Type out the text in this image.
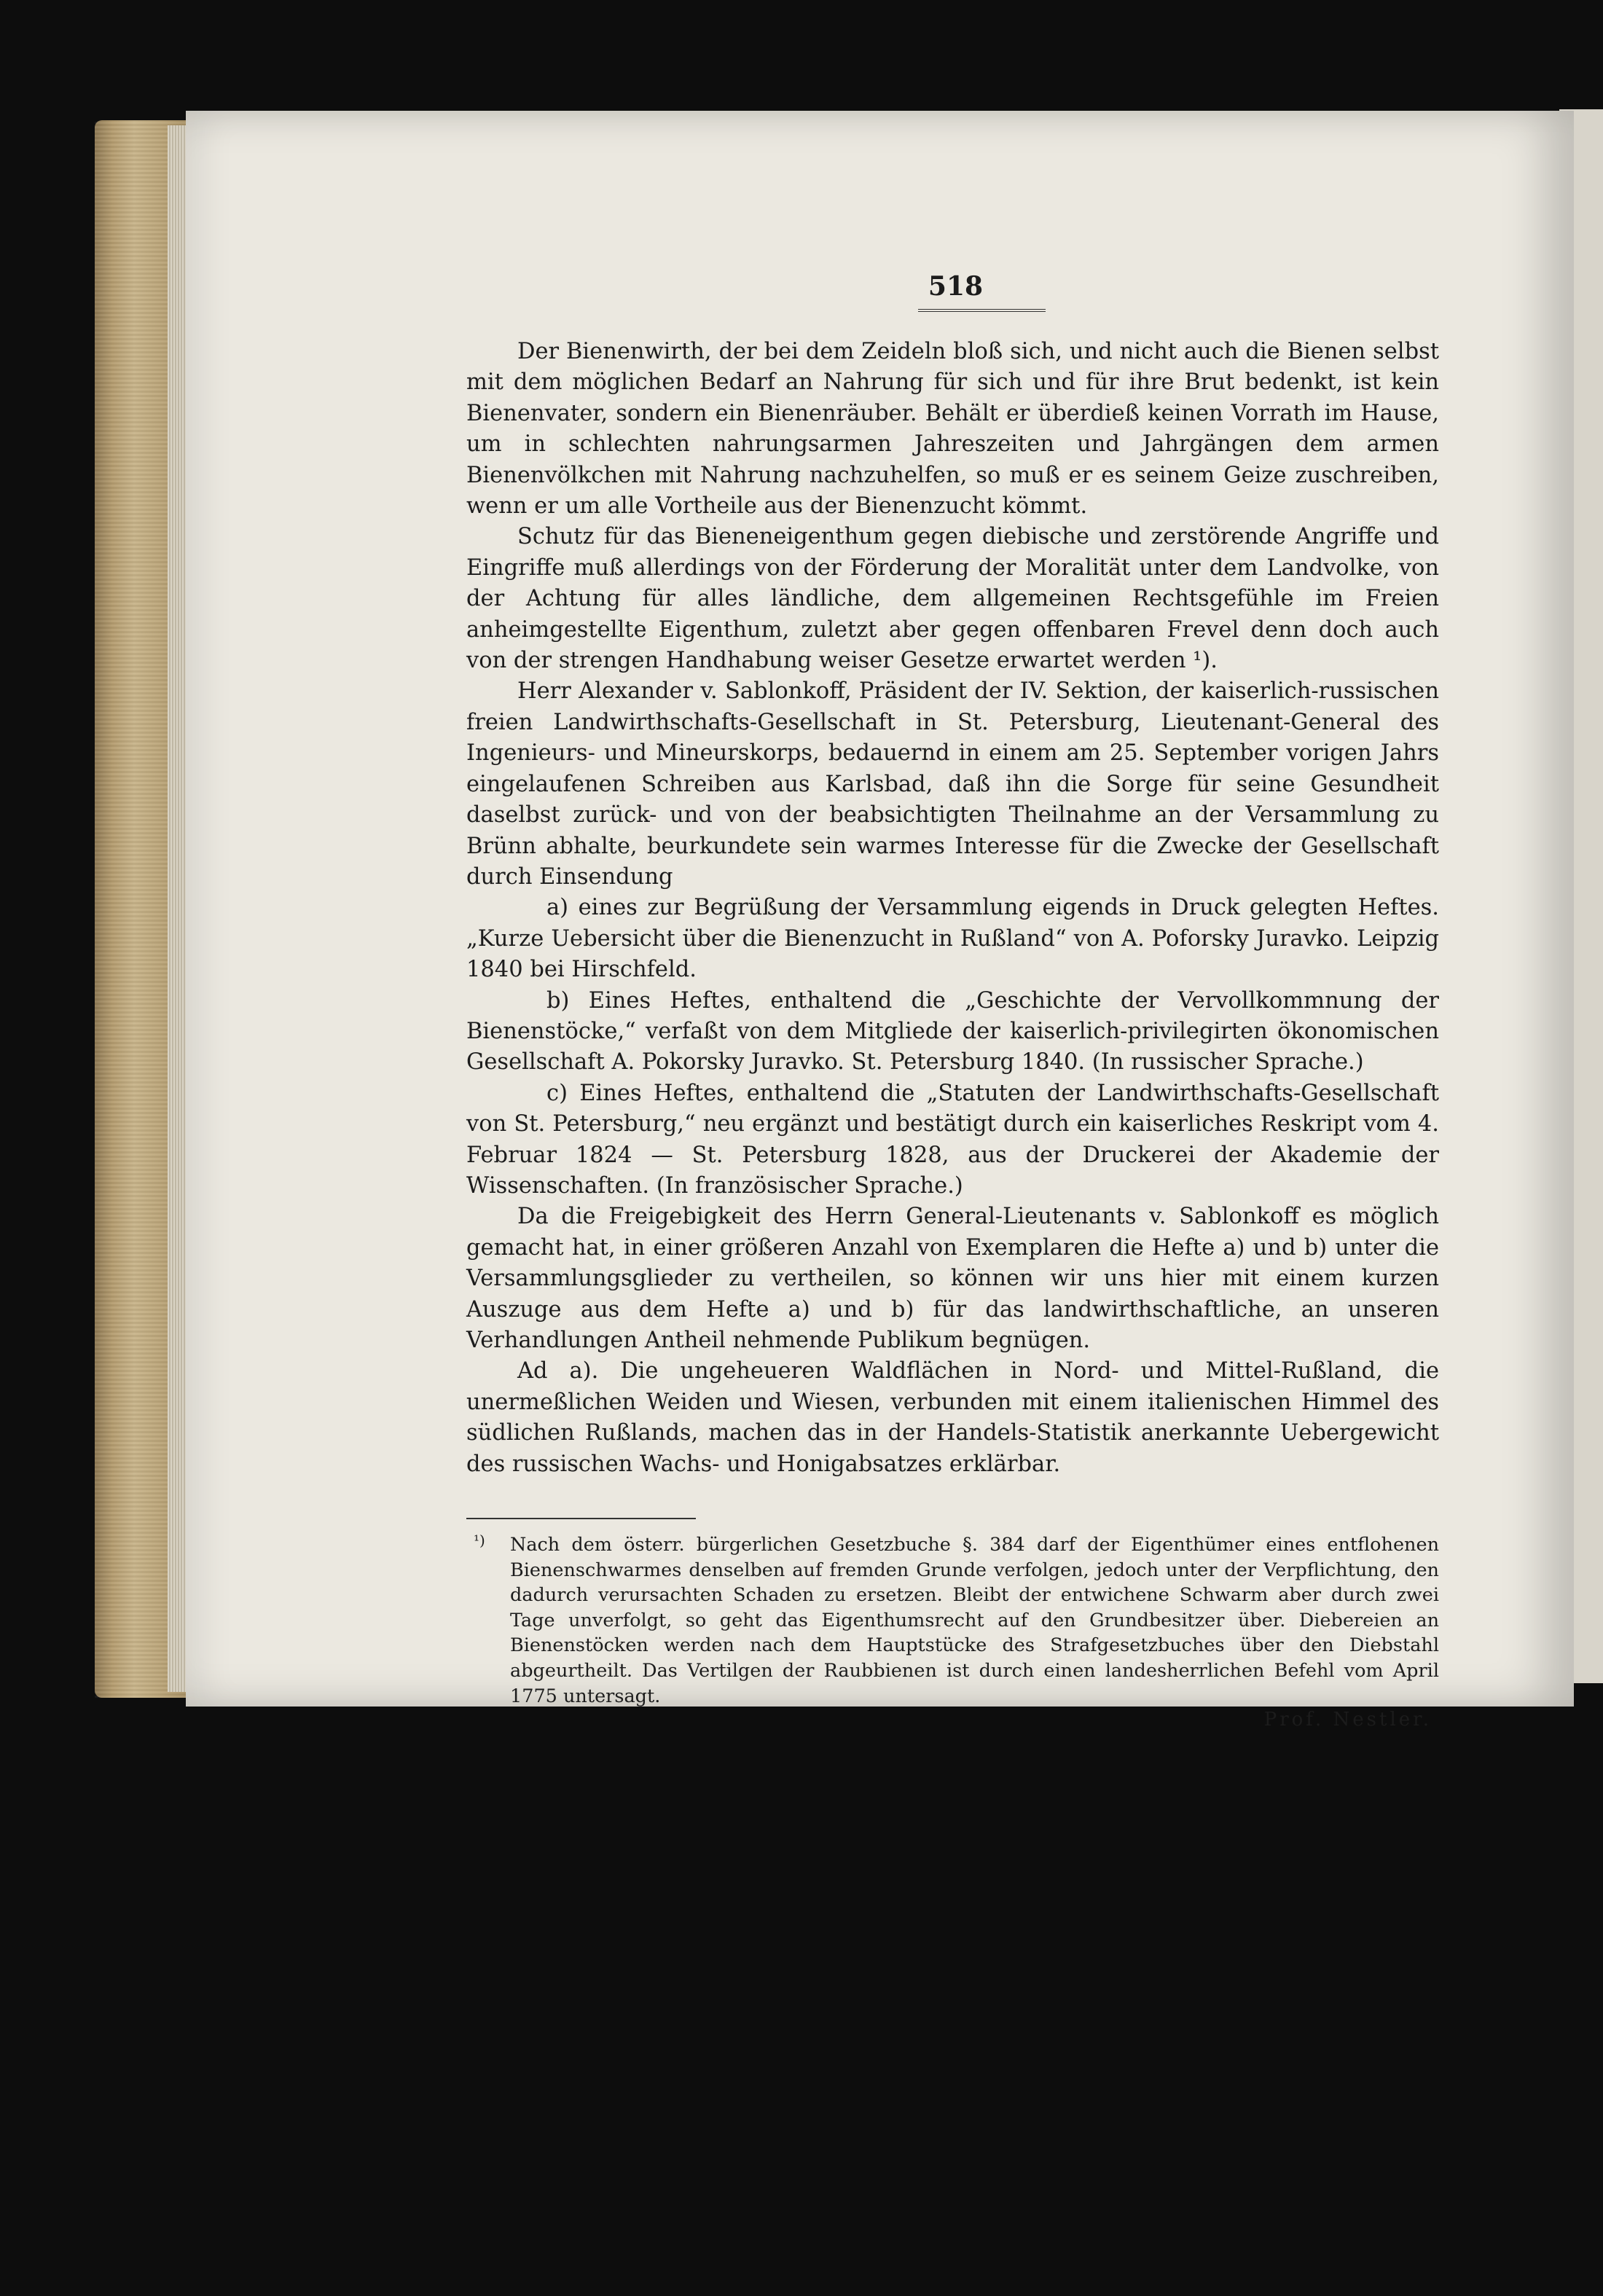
518

Der Bienenwirth, der bei dem Zeideln bloß sich, und nicht auch die Bienen selbst mit dem möglichen Bedarf an Nahrung für sich und für ihre Brut bedenkt, ist kein Bienenvater, sondern ein Bienenräuber. Behält er überdieß keinen Vorrath im Hause, um in schlechten nahrungsarmen Jahreszeiten und Jahrgängen dem armen Bienenvölkchen mit Nahrung nachzuhelfen, so muß er es seinem Geize zuschreiben, wenn er um alle Vortheile aus der Bienenzucht kömmt.

Schutz für das Bieneneigenthum gegen diebische und zerstörende Angriffe und Eingriffe muß allerdings von der Förderung der Moralität unter dem Landvolke, von der Achtung für alles ländliche, dem allgemeinen Rechtsgefühle im Freien anheimgestellte Eigenthum, zuletzt aber gegen offenbaren Frevel denn doch auch von der strengen Handhabung weiser Gesetze erwartet werden ¹).

Herr Alexander v. Sablonkoff, Präsident der IV. Sektion, der kaiserlich-russischen freien Landwirthschafts-Gesellschaft in St. Petersburg, Lieutenant-General des Ingenieurs- und Mineurskorps, bedauernd in einem am 25. September vorigen Jahrs eingelaufenen Schreiben aus Karlsbad, daß ihn die Sorge für seine Gesundheit daselbst zurück- und von der beabsichtigten Theilnahme an der Versammlung zu Brünn abhalte, beurkundete sein warmes Interesse für die Zwecke der Gesellschaft durch Einsendung

a) eines zur Begrüßung der Versammlung eigends in Druck gelegten Heftes. „Kurze Uebersicht über die Bienenzucht in Rußland“ von A. Poforsky Juravko. Leipzig 1840 bei Hirschfeld.

b) Eines Heftes, enthaltend die „Geschichte der Vervollkommnung der Bienenstöcke,“ verfaßt von dem Mitgliede der kaiserlich-privilegirten ökonomischen Gesellschaft A. Pokorsky Juravko. St. Petersburg 1840. (In russischer Sprache.)

c) Eines Heftes, enthaltend die „Statuten der Landwirthschafts-Gesellschaft von St. Petersburg,“ neu ergänzt und bestätigt durch ein kaiserliches Reskript vom 4. Februar 1824 — St. Petersburg 1828, aus der Druckerei der Akademie der Wissenschaften. (In französischer Sprache.)

Da die Freigebigkeit des Herrn General-Lieutenants v. Sablonkoff es möglich gemacht hat, in einer größeren Anzahl von Exemplaren die Hefte a) und b) unter die Versammlungsglieder zu vertheilen, so können wir uns hier mit einem kurzen Auszuge aus dem Hefte a) und b) für das landwirthschaftliche, an unseren Verhandlungen Antheil nehmende Publikum begnügen.

Ad a). Die ungeheueren Waldflächen in Nord- und Mittel-Rußland, die unermeßlichen Weiden und Wiesen, verbunden mit einem italienischen Himmel des südlichen Rußlands, machen das in der Handels-Statistik anerkannte Uebergewicht des russischen Wachs- und Honigabsatzes erklärbar.

¹) Nach dem österr. bürgerlichen Gesetzbuche §. 384 darf der Eigenthümer eines entflohenen Bienenschwarmes denselben auf fremden Grunde verfolgen, jedoch unter der Verpflichtung, den dadurch verursachten Schaden zu ersetzen. Bleibt der entwichene Schwarm aber durch zwei Tage unverfolgt, so geht das Eigenthumsrecht auf den Grundbesitzer über. Diebereien an Bienenstöcken werden nach dem Hauptstücke des Strafgesetzbuches über den Diebstahl abgeurtheilt. Das Vertilgen der Raubbienen ist durch einen landesherrlichen Befehl vom April 1775 untersagt.

Prof. Nestler.
